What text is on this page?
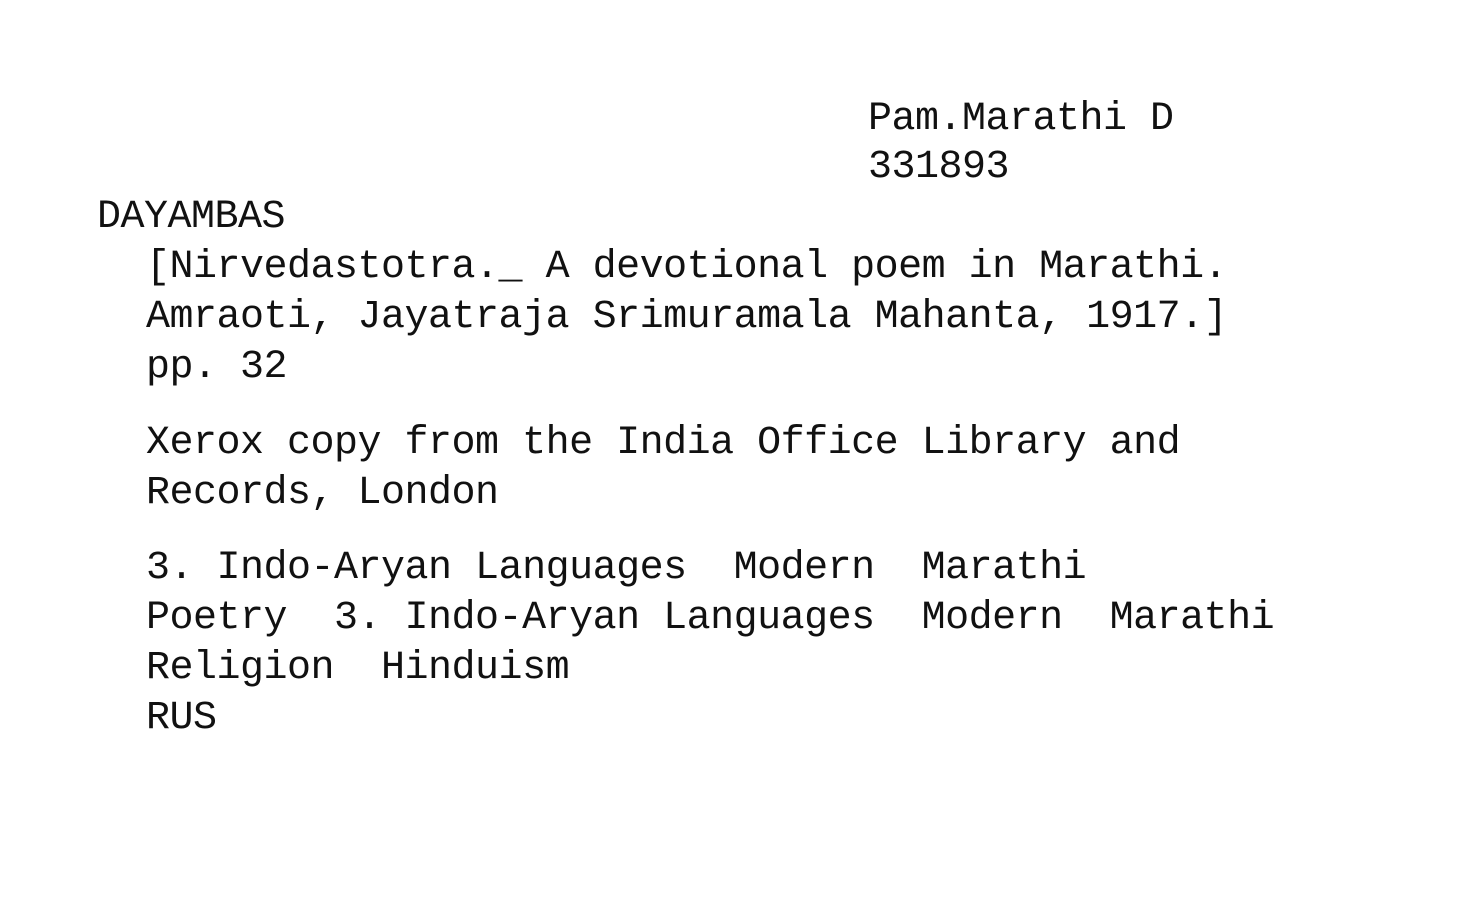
Pam.Marathi D
331893
DAYAMBAS
[Nirvedastotra._ A devotional poem in Marathi.
Amraoti, Jayatraja Srimuramala Mahanta, 1917.]
pp. 32
Xerox copy from the India Office Library and
Records, London
3. Indo-Aryan Languages  Modern  Marathi
Poetry  3. Indo-Aryan Languages  Modern  Marathi
Religion  Hinduism
RUS
